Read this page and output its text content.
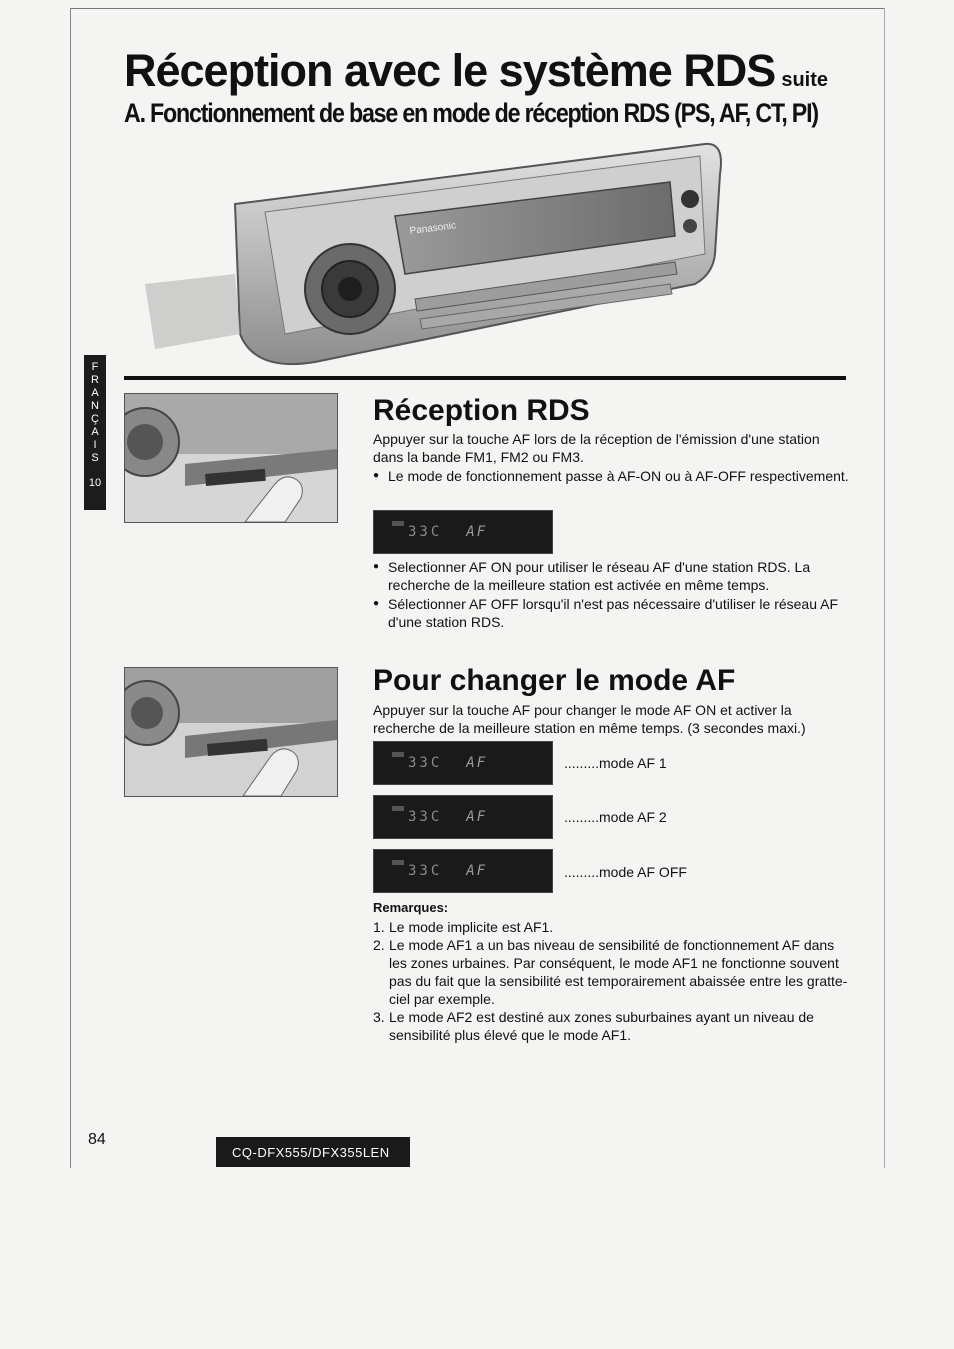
Réception avec le système RDS suite
A. Fonctionnement de base en mode de réception RDS (PS, AF, CT, PI)
Panasonic
F
R
A
N
Ç
A
I
S
10
Réception RDS

Appuyer sur la touche AF lors de la réception de l'émission d'une station dans la bande FM1, FM2 ou FM3.

● Le mode de fonctionnement passe à AF-ON ou à AF-OFF respectivement.

33C AF

● Selectionner AF ON pour utiliser le réseau AF d'une station RDS. La recherche de la meilleure station est activée en même temps.

● Sélectionner AF OFF lorsqu'il n'est pas nécessaire d'utiliser le réseau AF d'une station RDS.

Pour changer le mode AF

Appuyer sur la touche AF pour changer le mode AF ON et activer la recherche de la meilleure station en même temps. (3 secondes maxi.)

33C AF	.........mode AF 1
33C AF	.........mode AF 2
33C AF	.........mode AF OFF
Remarques:

1. Le mode implicite est AF1.

2. Le mode AF1 a un bas niveau de sensibilité de fonctionnement AF dans les zones urbaines. Par conséquent, le mode AF1 ne fonctionne souvent pas du fait que la sensibilité est temporairement abaissée entre les gratte-ciel par exemple.

3. Le mode AF2 est destiné aux zones suburbaines ayant un niveau de sensibilité plus élevé que le mode AF1.

84
CQ-DFX555/DFX355LEN
